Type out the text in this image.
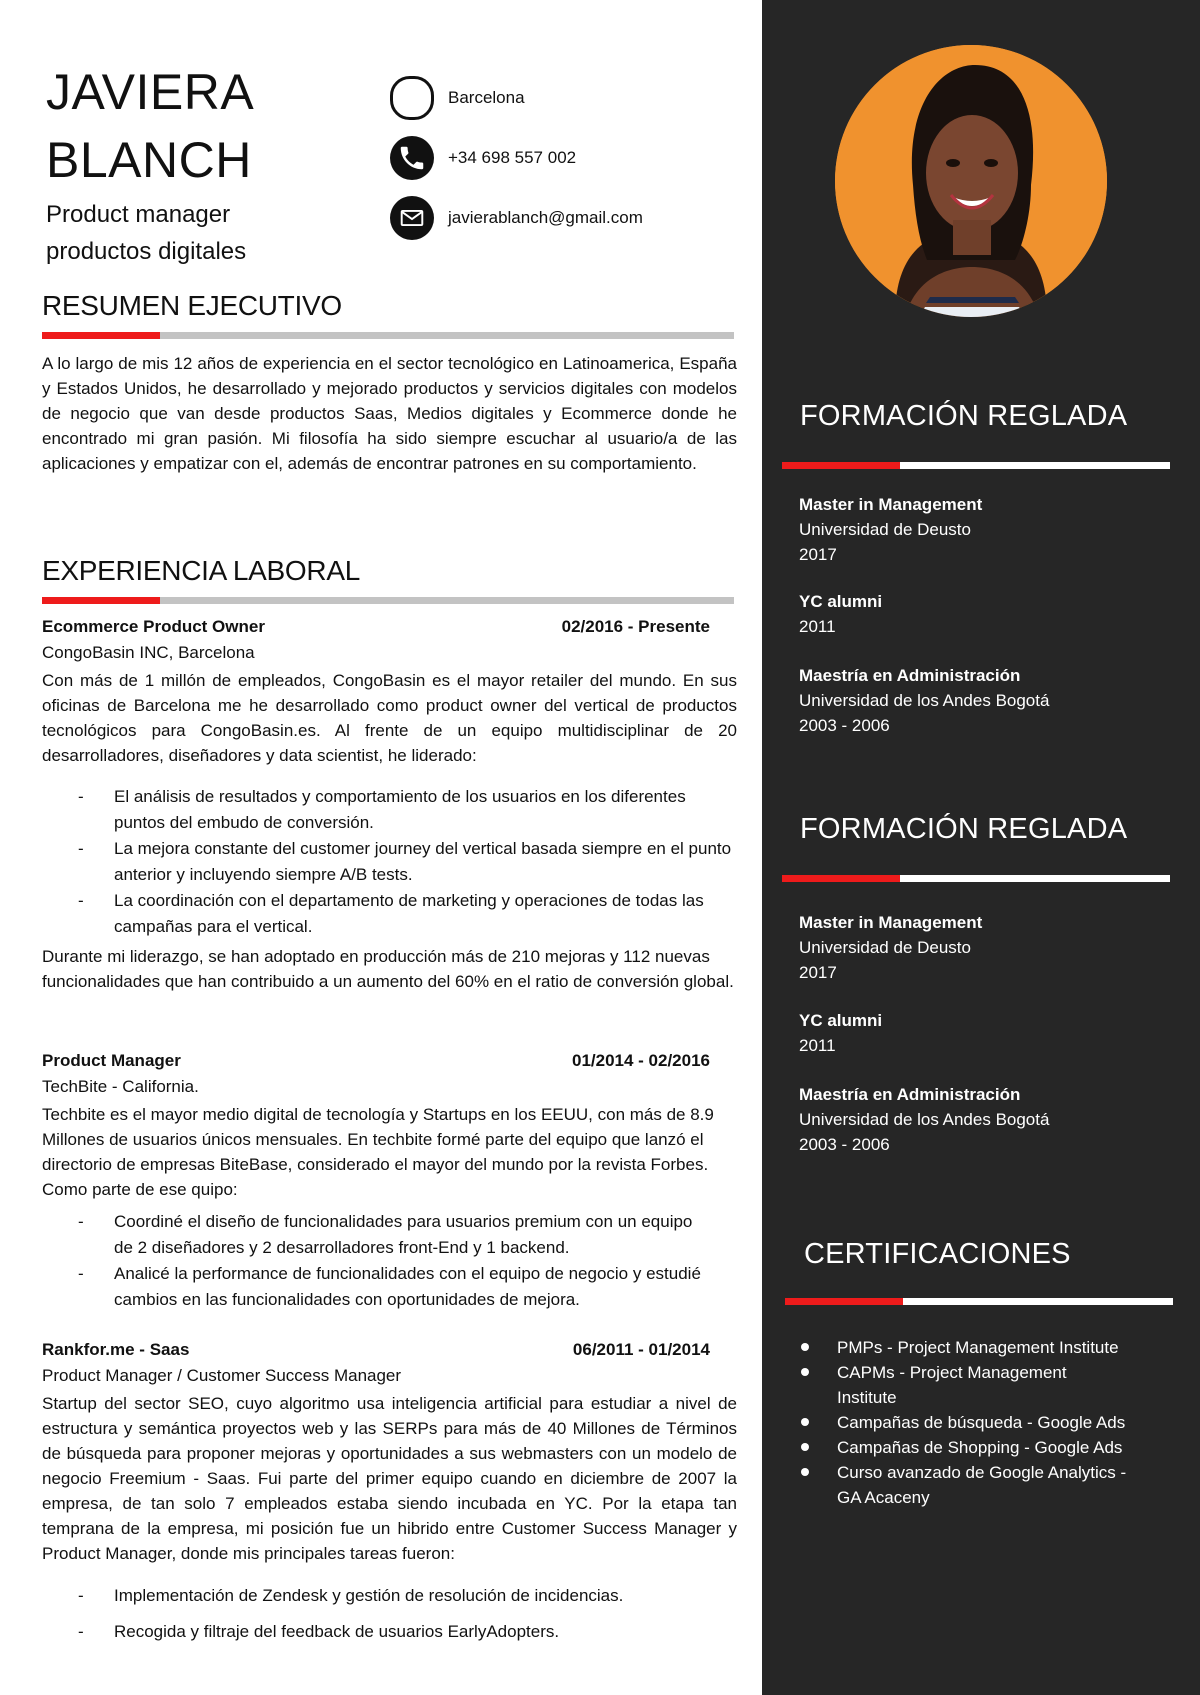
JAVIERA
BLANCH
Product manager
productos digitales
Barcelona
+34 698 557 002
javierablanch@gmail.com
RESUMEN EJECUTIVO
A lo largo de mis 12 años de experiencia en el sector tecnológico en Latinoamerica, España y Estados Unidos, he desarrollado y mejorado productos y servicios digitales con modelos de negocio que van desde productos Saas, Medios digitales y Ecommerce donde he encontrado mi gran pasión. Mi filosofía ha sido siempre escuchar al usuario/a de las aplicaciones y empatizar con el, además de encontrar patrones en su comportamiento.
EXPERIENCIA LABORAL
Ecommerce Product Owner	02/2016 - Presente
CongoBasin INC, Barcelona
Con más de 1 millón de empleados, CongoBasin es el mayor retailer del mundo. En sus oficinas de Barcelona me he desarrollado como product owner del vertical de productos tecnológicos para CongoBasin.es. Al frente de un equipo multidisciplinar de 20 desarrolladores, diseñadores y data scientist, he liderado:
- El análisis de resultados y comportamiento de los usuarios en los diferentes puntos del embudo de conversión.
- La mejora constante del customer journey del vertical basada siempre en el punto anterior y incluyendo siempre A/B tests.
- La coordinación con el departamento de marketing y operaciones de todas las campañas para el vertical.
Durante mi liderazgo, se han adoptado en producción más de 210 mejoras y 112 nuevas funcionalidades que han contribuido a un aumento del 60% en el ratio de conversión global.
Product Manager	01/2014 - 02/2016
TechBite - California.
Techbite es el mayor medio digital de tecnología y Startups en los EEUU, con más de 8.9 Millones de usuarios únicos mensuales. En techbite formé parte del equipo que lanzó el directorio de empresas BiteBase, considerado el mayor del mundo por la revista Forbes. Como parte de ese quipo:
- Coordiné el diseño de funcionalidades para usuarios premium con un equipo de 2 diseñadores y 2 desarrolladores front-End y 1 backend.
- Analicé la performance de funcionalidades con el equipo de negocio y estudié cambios en las funcionalidades con oportunidades de mejora.
Rankfor.me - Saas	06/2011 - 01/2014
Product Manager / Customer Success Manager
Startup del sector SEO, cuyo algoritmo usa inteligencia artificial para estudiar a nivel de estructura y semántica proyectos web y las SERPs para más de 40 Millones de Términos de búsqueda para proponer mejoras y oportunidades a sus webmasters con un modelo de negocio Freemium - Saas. Fui parte del primer equipo cuando en diciembre de 2007 la empresa, de tan solo 7 empleados estaba siendo incubada en YC. Por la etapa tan temprana de la empresa, mi posición fue un hibrido entre Customer Success Manager y Product Manager, donde mis principales tareas fueron:
- Implementación de Zendesk y gestión de resolución de incidencias.
- Recogida y filtraje del feedback de usuarios EarlyAdopters.
FORMACIÓN REGLADA
Master in Management
Universidad de Deusto
2017
YC alumni
2011
Maestría en Administración
Universidad de los Andes Bogotá
2003 - 2006
FORMACIÓN REGLADA
Master in Management
Universidad de Deusto
2017
YC alumni
2011
Maestría en Administración
Universidad de los Andes Bogotá
2003 - 2006
CERTIFICACIONES
PMPs - Project Management Institute
CAPMs - Project Management Institute
Campañas de búsqueda - Google Ads
Campañas de Shopping - Google Ads
Curso avanzado de Google Analytics - GA Acaceny
